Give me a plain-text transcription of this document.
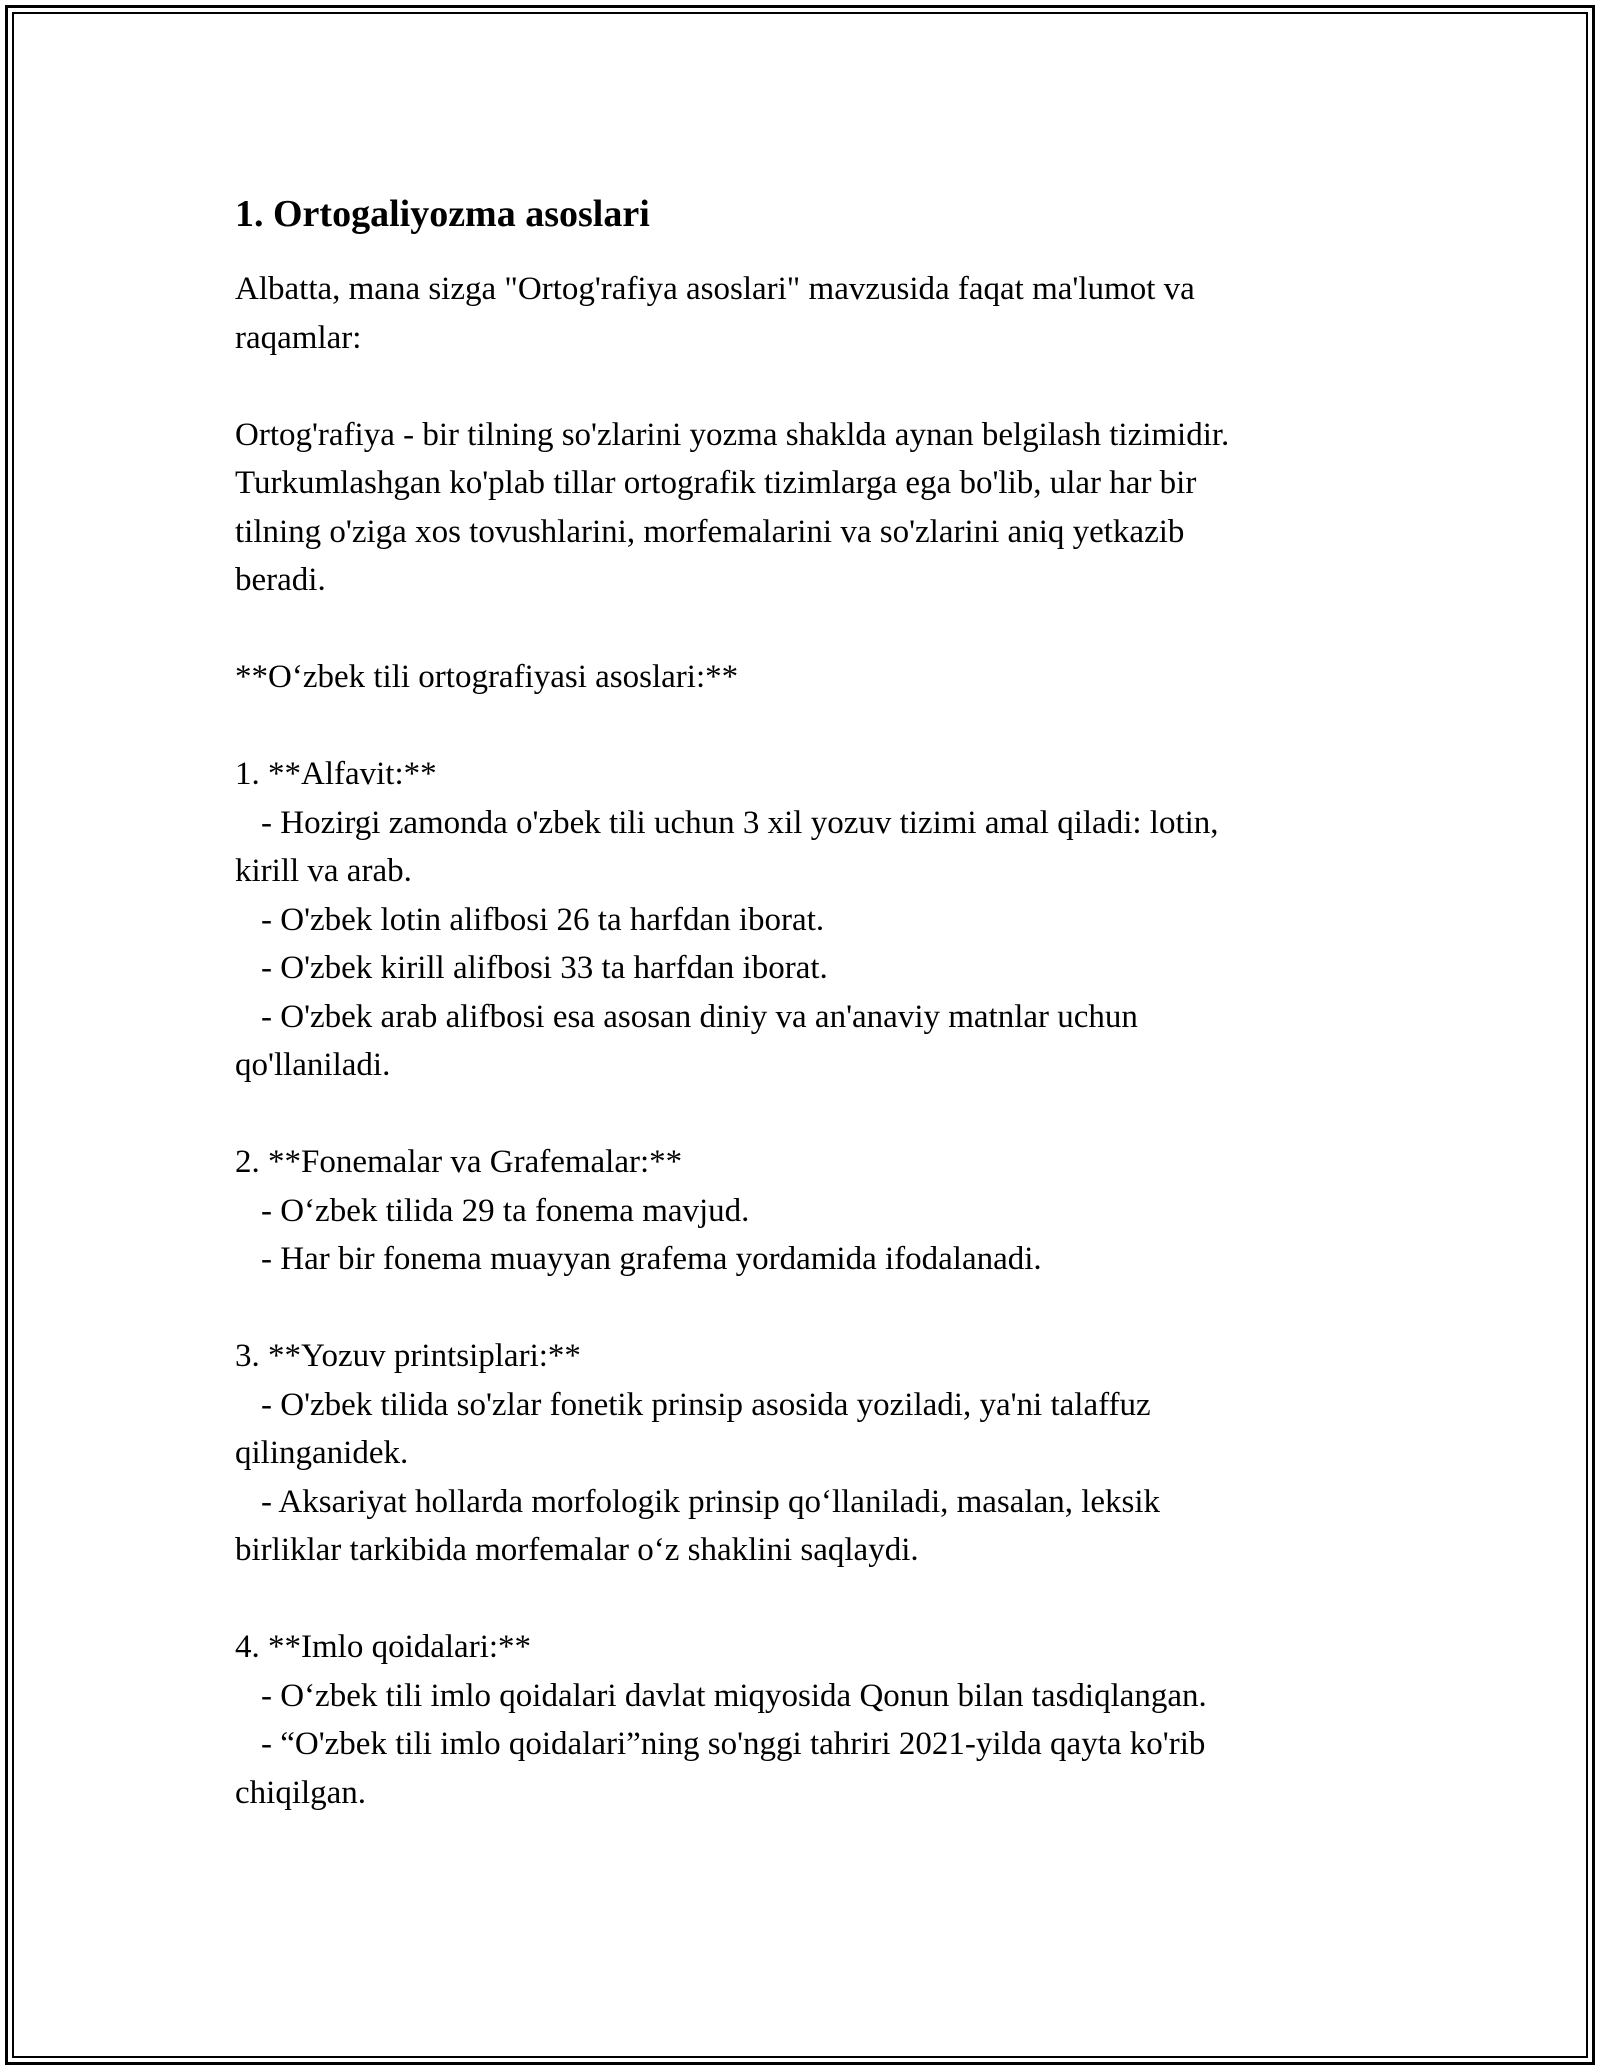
1. Ortogaliyozma asoslari

Albatta, mana sizga "Ortog'rafiya asoslari" mavzusida faqat ma'lumot va

raqamlar:

Ortog'rafiya - bir tilning so'zlarini yozma shaklda aynan belgilash tizimidir.

Turkumlashgan ko'plab tillar ortografik tizimlarga ega bo'lib, ular har bir

tilning o'ziga xos tovushlarini, morfemalarini va so'zlarini aniq yetkazib

beradi.

**O‘zbek tili ortografiyasi asoslari:**

1. **Alfavit:**

- Hozirgi zamonda o'zbek tili uchun 3 xil yozuv tizimi amal qiladi: lotin,

kirill va arab.

- O'zbek lotin alifbosi 26 ta harfdan iborat.

- O'zbek kirill alifbosi 33 ta harfdan iborat.

- O'zbek arab alifbosi esa asosan diniy va an'anaviy matnlar uchun

qo'llaniladi.

2. **Fonemalar va Grafemalar:**

- O‘zbek tilida 29 ta fonema mavjud.

- Har bir fonema muayyan grafema yordamida ifodalanadi.

3. **Yozuv printsiplari:**

- O'zbek tilida so'zlar fonetik prinsip asosida yoziladi, ya'ni talaffuz

qilinganidek.

- Aksariyat hollarda morfologik prinsip qo‘llaniladi, masalan, leksik

birliklar tarkibida morfemalar o‘z shaklini saqlaydi.

4. **Imlo qoidalari:**

- O‘zbek tili imlo qoidalari davlat miqyosida Qonun bilan tasdiqlangan.

- “O'zbek tili imlo qoidalari”ning so'nggi tahriri 2021-yilda qayta ko'rib

chiqilgan.
